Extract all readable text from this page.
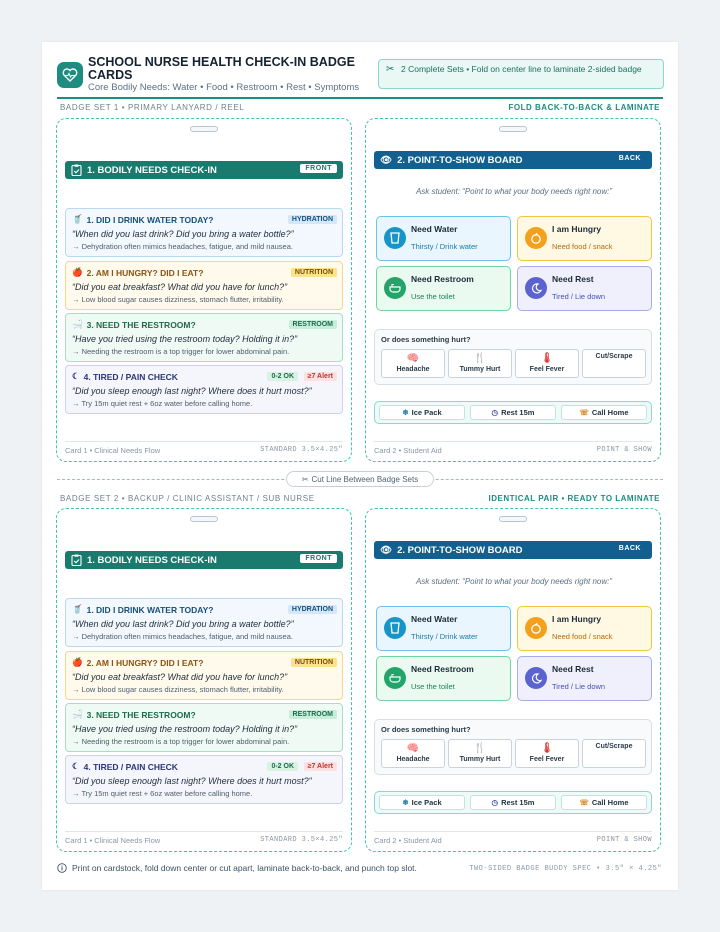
SCHOOL NURSE HEALTH CHECK-IN BADGE CARDS
Core Bodily Needs: Water • Food • Restroom • Rest • Symptoms
✂ 2 Complete Sets • Fold on center line to laminate 2-sided badge
BADGE SET 1 • PRIMARY LANYARD / REEL	FOLD BACK-TO-BACK & LAMINATE
✂ Cut Line Between Badge Sets
BADGE SET 2 • BACKUP / CLINIC ASSISTANT / SUB NURSE	IDENTICAL PAIR • READY TO LAMINATE
1. BODILY NEEDS CHECK-IN	FRONT
🥤 1. DID I DRINK WATER TODAY?	HYDRATION
“When did you last drink? Did you bring a water bottle?”
→ Dehydration often mimics headaches, fatigue, and mild nausea.
🍎 2. AM I HUNGRY? DID I EAT?	NUTRITION
“Did you eat breakfast? What did you have for lunch?”
→ Low blood sugar causes dizziness, stomach flutter, irritability.
🛁 3. NEED THE RESTROOM?	RESTROOM
“Have you tried using the restroom today? Holding it in?”
→ Needing the restroom is a top trigger for lower abdominal pain.
☾ 4. TIRED / PAIN CHECK	0-2 OK	≥7 Alert
“Did you sleep enough last night? Where does it hurt most?”
→ Try 15m quiet rest + 6oz water before calling home.
Card 1 • Clinical Needs Flow	STANDARD 3.5×4.25"
👁 2. POINT-TO-SHOW BOARD	BACK
Ask student: “Point to what your body needs right now:”
Need Water
Thirsty / Drink water
I am Hungry
Need food / snack
Need Restroom
Use the toilet
Need Rest
Tired / Lie down
Or does something hurt?
🧠
Headache
🍴
Tummy Hurt
🌡
Feel Fever
Cut/Scrape
❄ Ice Pack	◷ Rest 15m	☏ Call Home
Card 2 • Student Aid	POINT & SHOW
1. BODILY NEEDS CHECK-IN	FRONT
🥤 1. DID I DRINK WATER TODAY?	HYDRATION
“When did you last drink? Did you bring a water bottle?”
→ Dehydration often mimics headaches, fatigue, and mild nausea.
🍎 2. AM I HUNGRY? DID I EAT?	NUTRITION
“Did you eat breakfast? What did you have for lunch?”
→ Low blood sugar causes dizziness, stomach flutter, irritability.
🛁 3. NEED THE RESTROOM?	RESTROOM
“Have you tried using the restroom today? Holding it in?”
→ Needing the restroom is a top trigger for lower abdominal pain.
☾ 4. TIRED / PAIN CHECK	0-2 OK	≥7 Alert
“Did you sleep enough last night? Where does it hurt most?”
→ Try 15m quiet rest + 6oz water before calling home.
Card 1 • Clinical Needs Flow	STANDARD 3.5×4.25"
👁 2. POINT-TO-SHOW BOARD	BACK
Ask student: “Point to what your body needs right now:”
Need Water
Thirsty / Drink water
I am Hungry
Need food / snack
Need Restroom
Use the toilet
Need Rest
Tired / Lie down
Or does something hurt?
🧠
Headache
🍴
Tummy Hurt
🌡
Feel Fever
Cut/Scrape
❄ Ice Pack	◷ Rest 15m	☏ Call Home
Card 2 • Student Aid	POINT & SHOW
Print on cardstock, fold down center or cut apart, laminate back-to-back, and punch top slot.	TWO-SIDED BADGE BUDDY SPEC • 3.5" × 4.25"
